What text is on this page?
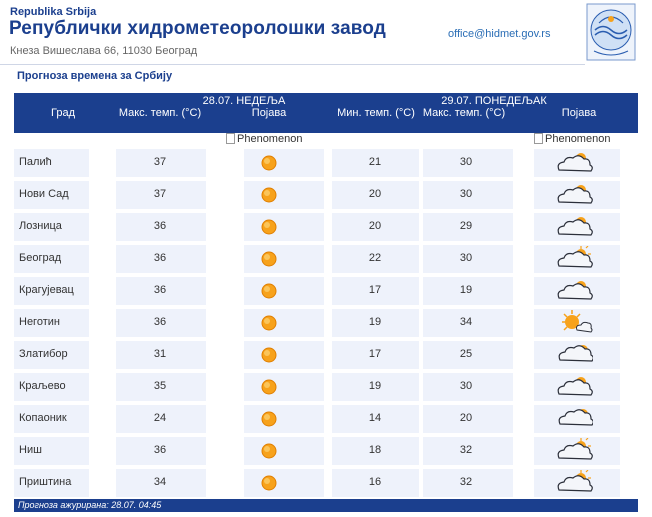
Republika Srbija
Републички хидрометеоролошки завод
Кнеза Вишеслава 66, 11030 Београд
office@hidmet.gov.rs
Прогноза времена за Србију
28.07. НЕДЕЉА	29.07. ПОНЕДЕЉАК
Град	Макс. темп. (°C)	Појава	Мин. темп. (°C) Макс. темп. (°C)	Појава
Phenomenon	Phenomenon
Палић	37	21	30
Нови Сад	37	20	30
Лозница	36	20	29
Београд	36	22	30
Крагујевац	36	17	19
Неготин	36	19	34
Златибор	31	17	25
Краљево	35	19	30
Копаоник	24	14	20
Ниш	36	18	32
Приштина	34	16	32
Прогноза ажурирана: 28.07. 04:45
